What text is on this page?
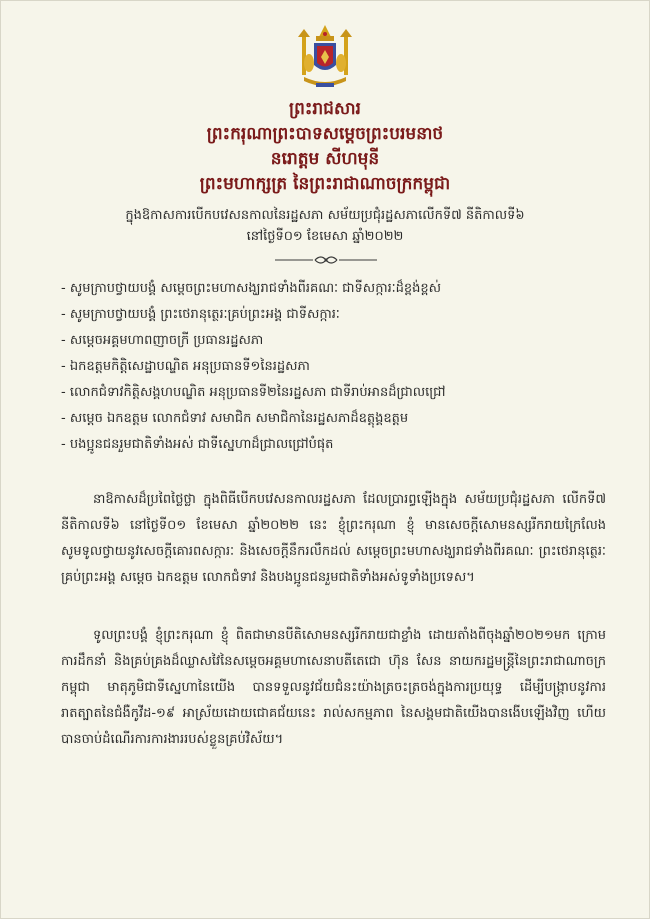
ព្រះរាជសារ
ព្រះករុណាព្រះបាទសម្តេចព្រះបរមនាថ
នរោត្តម សីហមុនី
ព្រះមហាក្សត្រ នៃព្រះរាជាណាចក្រកម្ពុជា
ក្នុងឱកាសការបើកបវេសនកាលនៃរដ្ឋសភា សម័យប្រជុំរដ្ឋសភាលើកទី៧ នីតិកាលទី៦
នៅថ្ងៃទី០១ ខែមេសា ឆ្នាំ២០២២
- សូមក្រាបថ្វាយបង្គំ សម្តេចព្រះមហាសង្ឃរាជទាំងពីរគណៈ ជាទីសក្ការៈដ៏ខ្ពង់ខ្ពស់
- សូមក្រាបថ្វាយបង្គំ ព្រះថេរានុត្ថេរៈគ្រប់ព្រះអង្គ ជាទីសក្ការៈ
- សម្តេចអគ្គមហាពញាចក្រី ប្រធានរដ្ឋសភា
- ឯកឧត្តមកិត្តិសេដ្ឋាបណ្ឌិត អនុប្រធានទី១នៃរដ្ឋសភា
- លោកជំទាវកិត្តិសង្គហបណ្ឌិត អនុប្រធានទី២នៃរដ្ឋសភា ជាទីរាប់អានដ៏ជ្រាលជ្រៅ
- សម្តេច ឯកឧត្តម លោកជំទាវ សមាជិក សមាជិកានៃរដ្ឋសភាដ៏ឧត្តុង្គឧត្តម
- បងប្អូនជនរួមជាតិទាំងអស់ ជាទីស្នេហាដ៏ជ្រាលជ្រៅបំផុត

នាឱកាសដ៏ប្រពៃថ្លៃថ្លា ក្នុងពិធីបើកបវេសនកាលរដ្ឋសភា ដែលប្រារព្ធឡើងក្នុង សម័យប្រជុំរដ្ឋសភា លើកទី៧ នីតិកាលទី៦ នៅថ្ងៃទី០១ ខែមេសា ឆ្នាំ២០២២ នេះ ខ្ញុំព្រះករុណា ខ្ញុំ មានសេចក្តីសោមនស្សរីករាយក្រៃលែង សូមទូលថ្វាយនូវសេចក្តីគោរពសក្ការៈ និងសេចក្តីនឹករលឹកដល់ សម្តេចព្រះមហាសង្ឃរាជទាំងពីរគណៈ ព្រះថេរានុត្ថេរៈគ្រប់ព្រះអង្គ សម្តេច ឯកឧត្តម លោកជំទាវ និងបងប្អូនជនរួមជាតិទាំងអស់ទូទាំងប្រទេស។

ទូលព្រះបង្គំ ខ្ញុំព្រះករុណា ខ្ញុំ ពិតជាមានបីតិសោមនស្សរីករាយជាខ្លាំង ដោយតាំងពីចុងឆ្នាំ២០២១មក ក្រោមការដឹកនាំ និងគ្រប់គ្រងដ៏ឈ្លាសវៃនៃសម្តេចអគ្គមហាសេនាបតីតេជោ ហ៊ុន សែន នាយករដ្ឋមន្ត្រីនៃព្រះរាជាណាចក្រកម្ពុជា មាតុភូមិជាទីស្នេហានៃយើង បានទទួលនូវជ័យជំនះយ៉ាងត្រចះត្រចង់ក្នុងការប្រយុទ្ធ ដើម្បីបង្រ្កាបនូវការរាតត្បាតនៃជំងឺកូវីដ-១៩ អាស្រ័យដោយជោគជ័យនេះ រាល់សកម្មភាព នៃសង្គមជាតិយើងបានងើបឡើងវិញ ហើយបានចាប់ដំណើរការការងាររបស់ខ្លួនគ្រប់វិស័យ។
